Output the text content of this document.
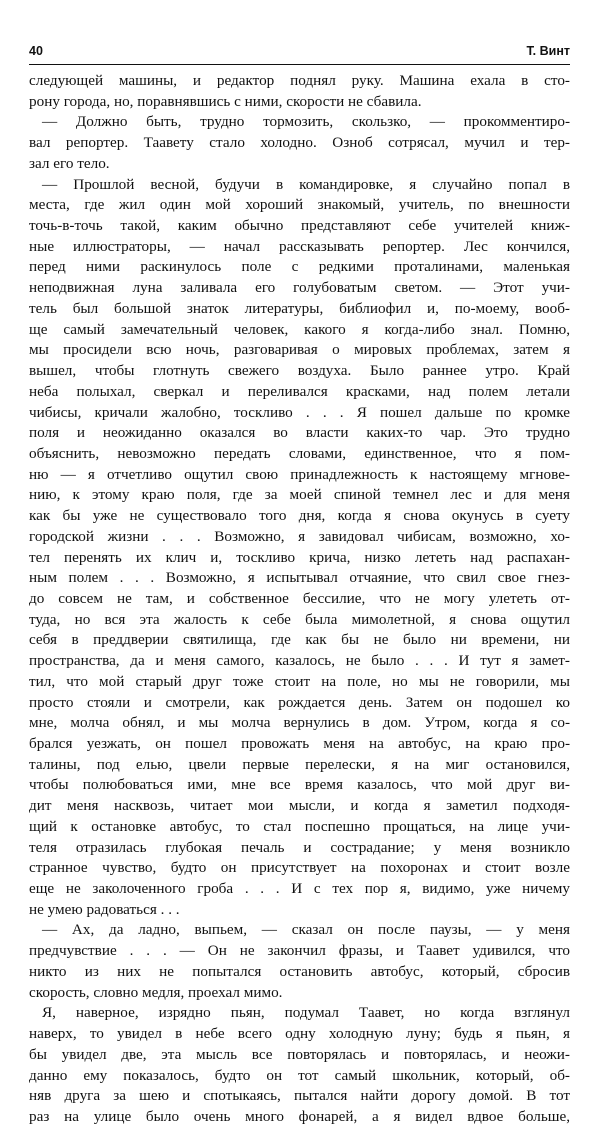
40	Т. Винт
следующей машины, и редактор поднял руку. Машина ехала в сто-
рону города, но, поравнявшись с ними, скорости не сбавила.
— Должно быть, трудно тормозить, скользко, — прокомментиро-
вал репортер. Таавету стало холодно. Озноб сотрясал, мучил и тер-
зал его тело.
— Прошлой весной, будучи в командировке, я случайно попал в
места, где жил один мой хороший знакомый, учитель, по внешности
точь-в-точь такой, каким обычно представляют себе учителей книж-
ные иллюстраторы, — начал рассказывать репортер. Лес кончился,
перед ними раскинулось поле с редкими проталинами, маленькая
неподвижная луна заливала его голубоватым светом. — Этот учи-
тель был большой знаток литературы, библиофил и, по-моему, вооб-
ще самый замечательный человек, какого я когда-либо знал. Помню,
мы просидели всю ночь, разговаривая о мировых проблемах, затем я
вышел, чтобы глотнуть свежего воздуха. Было раннее утро. Край
неба полыхал, сверкал и переливался красками, над полем летали
чибисы, кричали жалобно, тоскливо . . . Я пошел дальше по кромке
поля и неожиданно оказался во власти каких-то чар. Это трудно
объяснить, невозможно передать словами, единственное, что я пом-
ню — я отчетливо ощутил свою принадлежность к настоящему мгнове-
нию, к этому краю поля, где за моей спиной темнел лес и для меня
как бы уже не существовало того дня, когда я снова окунусь в суету
городской жизни . . . Возможно, я завидовал чибисам, возможно, хо-
тел перенять их клич и, тоскливо крича, низко лететь над распахан-
ным полем . . . Возможно, я испытывал отчаяние, что свил свое гнез-
до совсем не там, и собственное бессилие, что не могу улететь от-
туда, но вся эта жалость к себе была мимолетной, я снова ощутил
себя в преддверии святилища, где как бы не было ни времени, ни
пространства, да и меня самого, казалось, не было . . . И тут я замет-
тил, что мой старый друг тоже стоит на поле, но мы не говорили, мы
просто стояли и смотрели, как рождается день. Затем он подошел ко
мне, молча обнял, и мы молча вернулись в дом. Утром, когда я со-
брался уезжать, он пошел провожать меня на автобус, на краю про-
талины, под елью, цвели первые перелески, я на миг остановился,
чтобы полюбоваться ими, мне все время казалось, что мой друг ви-
дит меня насквозь, читает мои мысли, и когда я заметил подходя-
щий к остановке автобус, то стал поспешно прощаться, на лице учи-
теля отразилась глубокая печаль и сострадание; у меня возникло
странное чувство, будто он присутствует на похоронах и стоит возле
еще не заколоченного гроба . . . И с тех пор я, видимо, уже ничему
не умею радоваться . . .
— Ах, да ладно, выпьем, — сказал он после паузы, — у меня
предчувствие . . . — Он не закончил фразы, и Таавет удивился, что
никто из них не попытался остановить автобус, который, сбросив
скорость, словно медля, проехал мимо.
Я, наверное, изрядно пьян, подумал Таавет, но когда взглянул
наверх, то увидел в небе всего одну холодную луну; будь я пьян, я
бы увидел две, эта мысль все повторялась и повторялась, и неожи-
данно ему показалось, будто он тот самый школьник, который, об-
няв друга за шею и спотыкаясь, пытался найти дорогу домой. В тот
раз на улице было очень много фонарей, а я видел вдвое больше,
